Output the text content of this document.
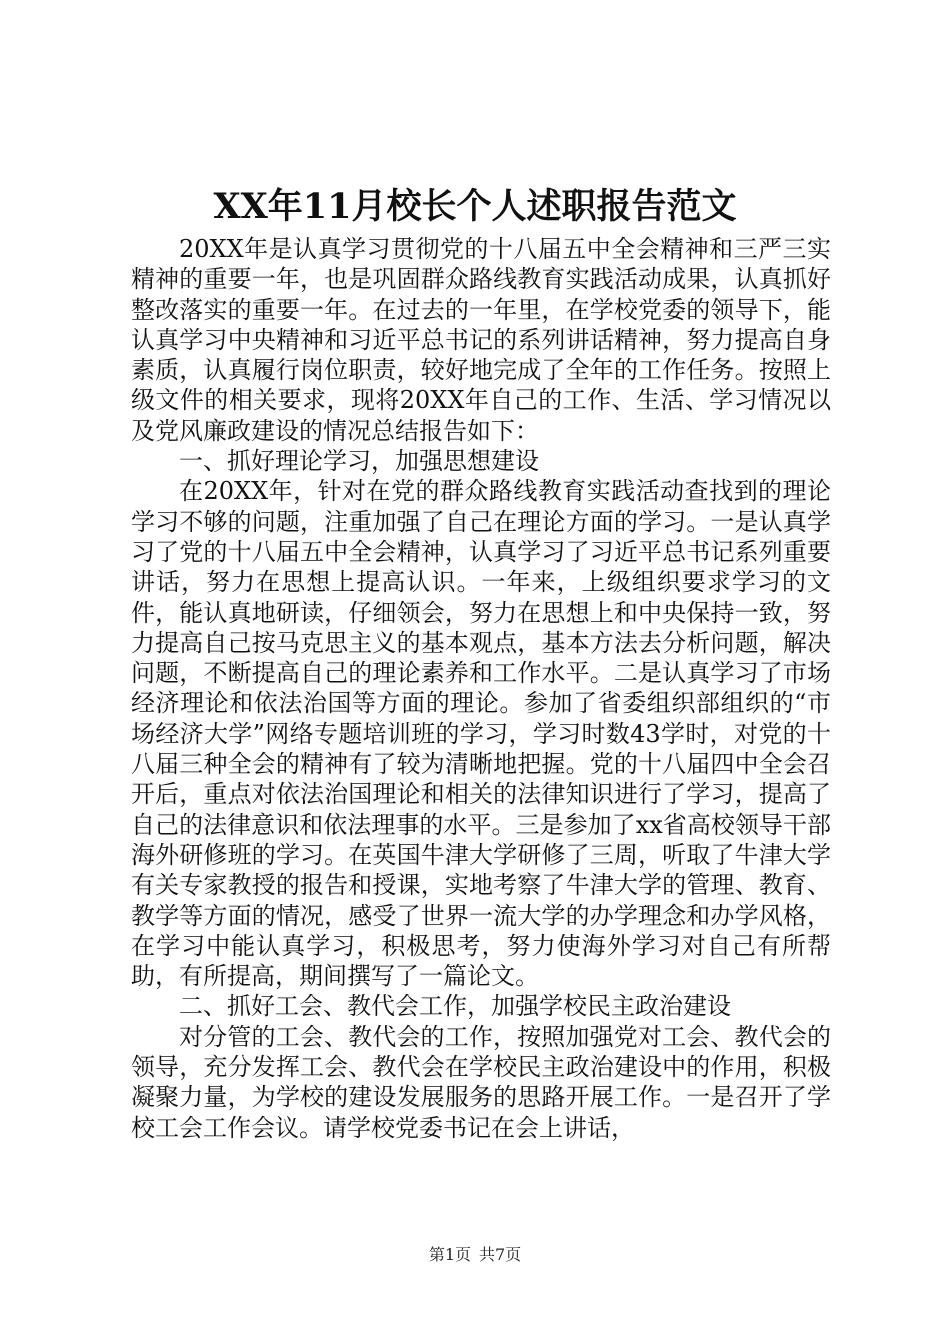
XX年11月校长个人述职报告范文

20XX年是认真学习贯彻党的十八届五中全会精神和三严三实精神的重要一年，也是巩固群众路线教育实践活动成果，认真抓好整改落实的重要一年。在过去的一年里，在学校党委的领导下，能认真学习中央精神和习近平总书记的系列讲话精神，努力提高自身素质，认真履行岗位职责，较好地完成了全年的工作任务。按照上级文件的相关要求，现将20XX年自己的工作、生活、学习情况以及党风廉政建设的情况总结报告如下：

一、抓好理论学习，加强思想建设

在20XX年，针对在党的群众路线教育实践活动查找到的理论学习不够的问题，注重加强了自己在理论方面的学习。一是认真学习了党的十八届五中全会精神，认真学习了习近平总书记系列重要讲话，努力在思想上提高认识。一年来，上级组织要求学习的文件，能认真地研读，仔细领会，努力在思想上和中央保持一致，努力提高自己按马克思主义的基本观点，基本方法去分析问题，解决问题，不断提高自己的理论素养和工作水平。二是认真学习了市场经济理论和依法治国等方面的理论。参加了省委组织部组织的“市场经济大学”网络专题培训班的学习，学习时数43学时，对党的十八届三种全会的精神有了较为清晰地把握。党的十八届四中全会召开后，重点对依法治国理论和相关的法律知识进行了学习，提高了自己的法律意识和依法理事的水平。三是参加了xx省高校领导干部海外研修班的学习。在英国牛津大学研修了三周，听取了牛津大学有关专家教授的报告和授课，实地考察了牛津大学的管理、教育、教学等方面的情况，感受了世界一流大学的办学理念和办学风格，在学习中能认真学习，积极思考，努力使海外学习对自己有所帮助，有所提高，期间撰写了一篇论文。

二、抓好工会、教代会工作，加强学校民主政治建设

对分管的工会、教代会的工作，按照加强党对工会、教代会的领导，充分发挥工会、教代会在学校民主政治建设中的作用，积极凝聚力量，为学校的建设发展服务的思路开展工作。一是召开了学校工会工作会议。请学校党委书记在会上讲话，

第1页 共7页
